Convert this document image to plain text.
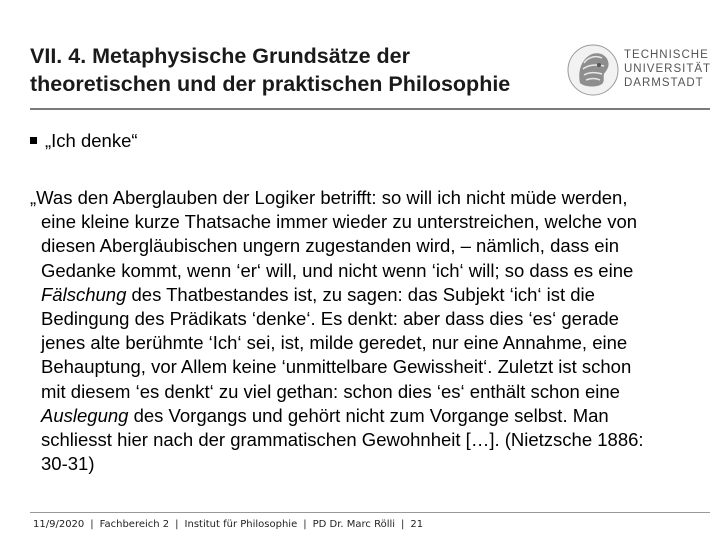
VII. 4. Metaphysische Grundsätze der
theoretischen und der praktischen Philosophie
TECHNISCHE
UNIVERSITÄT
DARMSTADT
„Ich denke“
„Was den Aberglauben der Logiker betrifft: so will ich nicht müde werden,
eine kleine kurze Thatsache immer wieder zu unterstreichen, welche von
diesen Abergläubischen ungern zugestanden wird, – nämlich, dass ein
Gedanke kommt, wenn ‘er‘ will, und nicht wenn ‘ich‘ will; so dass es eine
Fälschung des Thatbestandes ist, zu sagen: das Subjekt ‘ich‘ ist die
Bedingung des Prädikats ‘denke‘. Es denkt: aber dass dies ‘es‘ gerade
jenes alte berühmte ‘Ich‘ sei, ist, milde geredet, nur eine Annahme, eine
Behauptung, vor Allem keine ‘unmittelbare Gewissheit‘. Zuletzt ist schon
mit diesem ‘es denkt‘ zu viel gethan: schon dies ‘es‘ enthält schon eine
Auslegung des Vorgangs und gehört nicht zum Vorgange selbst. Man
schliesst hier nach der grammatischen Gewohnheit […]. (Nietzsche 1886:
30-31)
11/9/2020 | Fachbereich 2 | Institut für Philosophie | PD Dr. Marc Rölli | 21
